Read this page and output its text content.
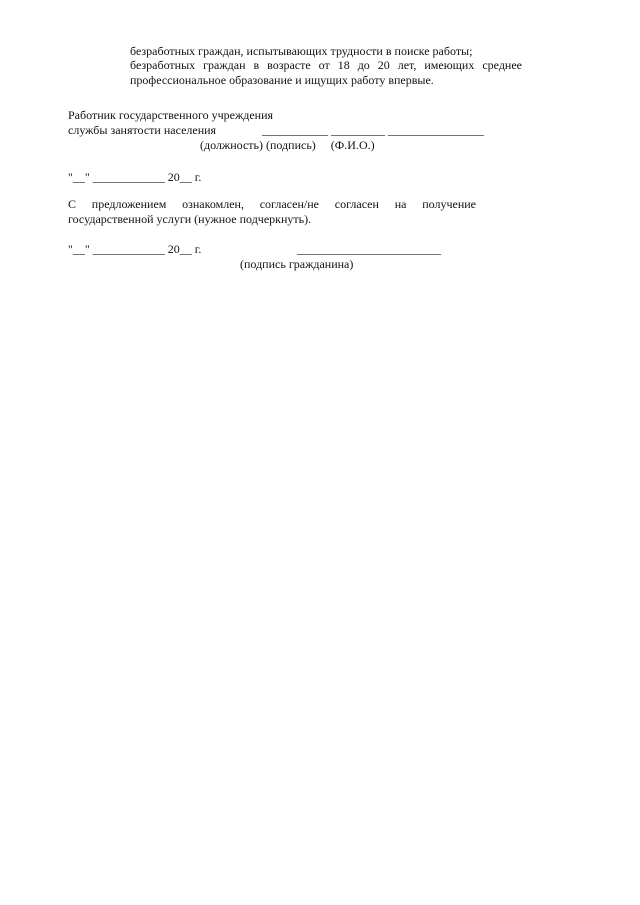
безработных граждан, испытывающих трудности в поиске работы;
безработных граждан в возрасте от 18 до 20 лет, имеющих среднее
профессиональное образование и ищущих работу впервые.
Работник государственного учреждения
службы занятости населения	___________ _________ ________________
(должность) (подпись)     (Ф.И.О.)
"__" ____________ 20__ г.
С предложением ознакомлен, согласен/не согласен на получение
государственной услуги (нужное подчеркнуть).
"__" ____________ 20__ г.	________________________
(подпись гражданина)
